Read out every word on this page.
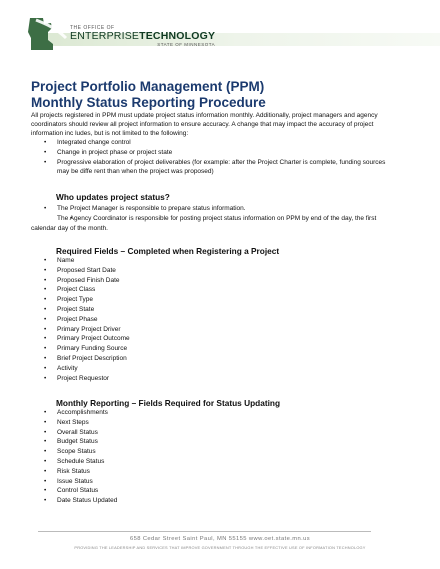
THE OFFICE OF
ENTERPRISETECHNOLOGY
STATE OF MINNESOTA
Project Portfolio Management (PPM)
Monthly Status Reporting Procedure

All projects registered in PPM must update project status information monthly. Additionally, project managers and agency coordinators should review all project information to ensure accuracy. A change that may impact the accuracy of project information inc ludes, but is not limited to the following:

• Integrated change control
• Change in project phase or project state
• Progressive elaboration of project deliverables (for example: after the Project Charter is complete, funding sources may be diffe rent than when the project was proposed)
Who updates project status?
• The Project Manager is responsible to prepare status information.
• The Agency Coordinator is responsible for posting project status information on PPM by end of the day, the first calendar day of the month.
Required Fields – Completed when Registering a Project
• Name
• Proposed Start Date
• Proposed Finish Date
• Project Class
• Project Type
• Project State
• Project Phase
• Primary Project Driver
• Primary Project Outcome
• Primary Funding Source
• Brief Project Description
• Activity
• Project Requestor
Monthly Reporting – Fields Required for Status Updating
• Accomplishments
• Next Steps
• Overall Status
• Budget Status
• Scope Status
• Schedule Status
• Risk Status
• Issue Status
• Control Status
• Date Status Updated
658 Cedar Street Saint Paul, MN 55155 www.oet.state.mn.us
PROVIDING THE LEADERSHIP AND SERVICES THAT IMPROVE GOVERNMENT THROUGH THE EFFECTIVE USE OF INFORMATION TECHNOLOGY
